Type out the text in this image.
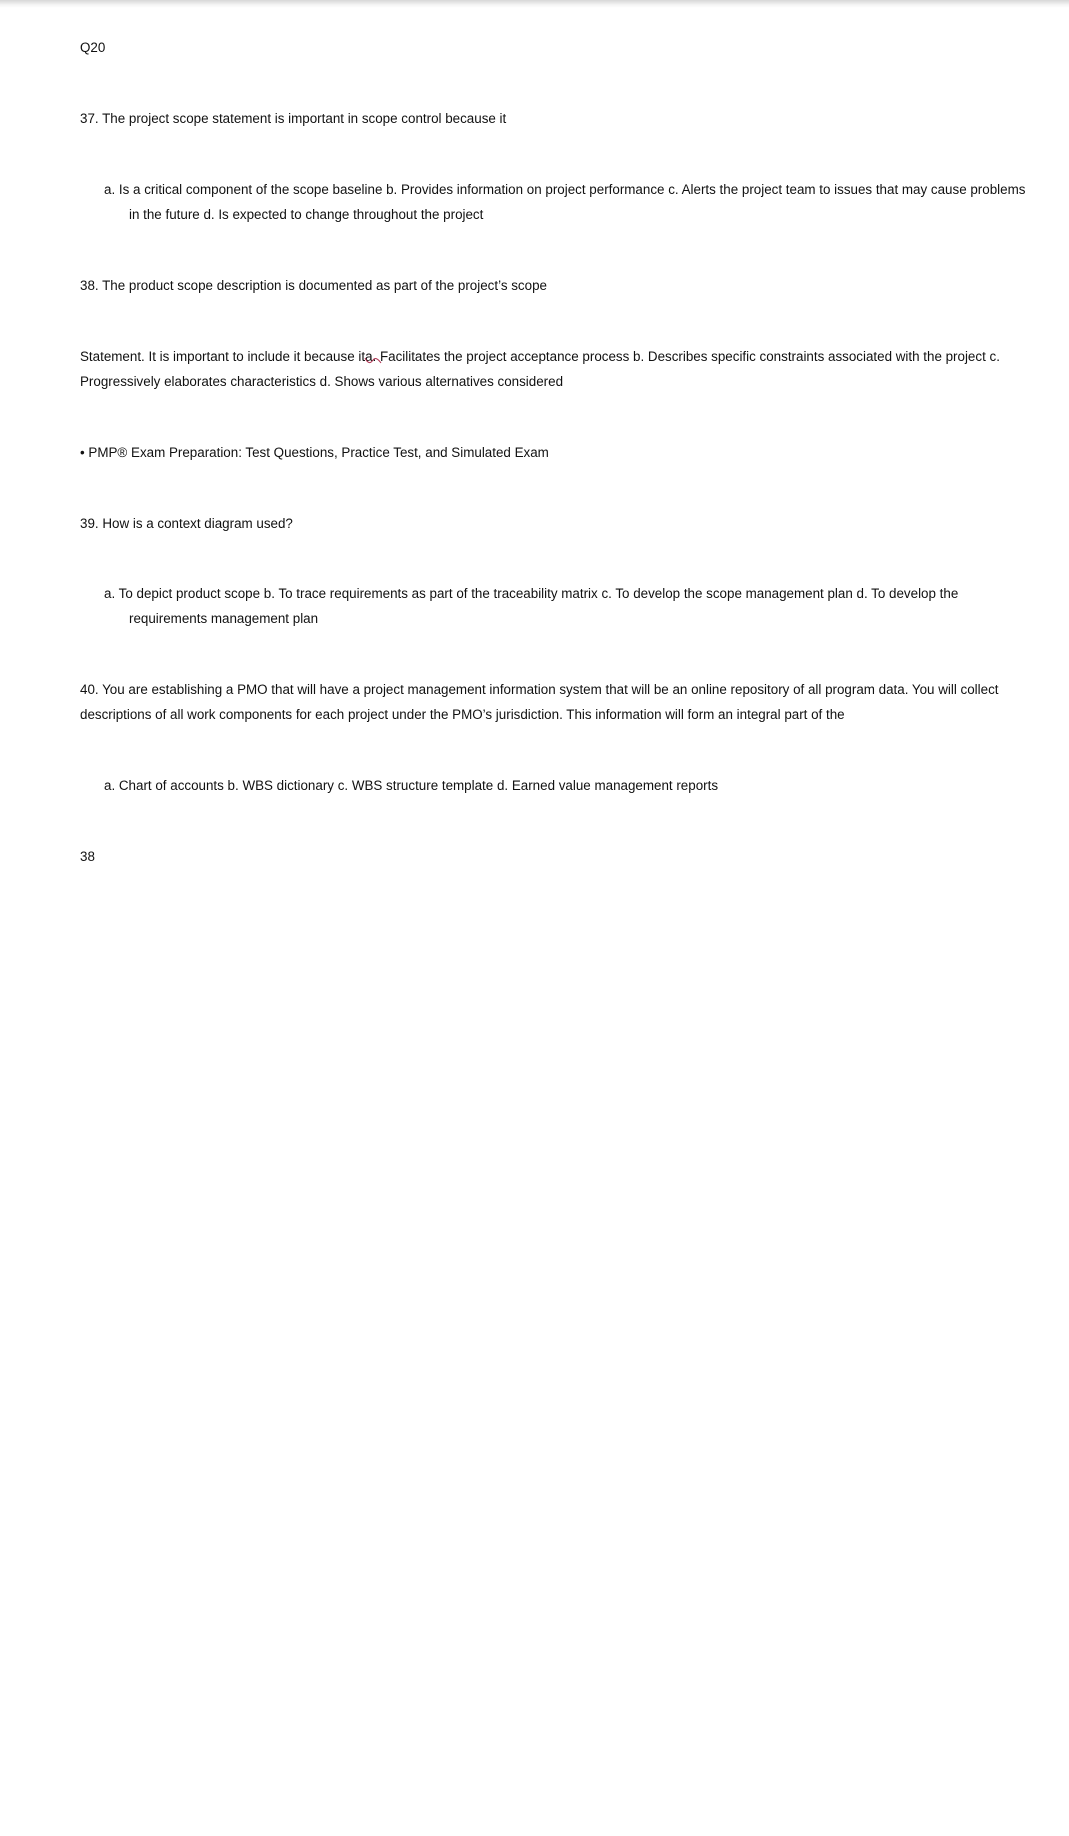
Q20
37. The project scope statement is important in scope control because it
a. Is a critical component of the scope baseline b. Provides information on project performance c. Alerts the project team to issues that may cause problems in the future d. Is expected to change throughout the project
38. The product scope description is documented as part of the project’s scope
Statement. It is important to include it because ita. Facilitates the project acceptance process b. Describes specific constraints associated with the project c. Progressively elaborates characteristics d. Shows various alternatives considered
• PMP® Exam Preparation: Test Questions, Practice Test, and Simulated Exam
39. How is a context diagram used?
a. To depict product scope b. To trace requirements as part of the traceability matrix c. To develop the scope management plan d. To develop the requirements management plan
40. You are establishing a PMO that will have a project management information system that will be an online repository of all program data. You will collect descriptions of all work components for each project under the PMO’s jurisdiction. This information will form an integral part of the
a. Chart of accounts b. WBS dictionary c. WBS structure template d. Earned value management reports
38
